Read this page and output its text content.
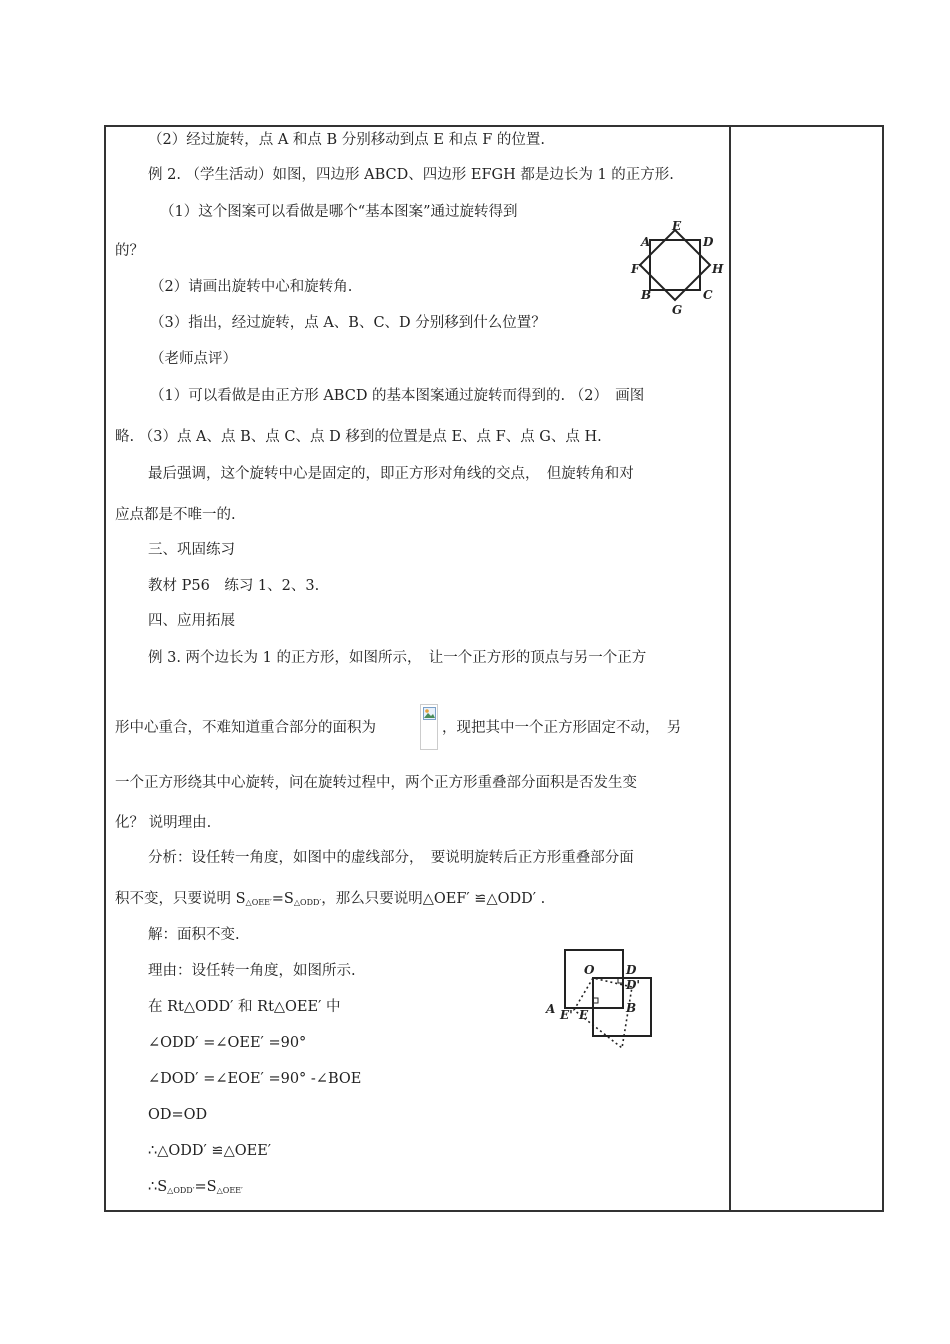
（2）经过旋转，点 A 和点 B 分别移动到点 E 和点 F 的位置.
例 2. （学生活动）如图，四边形 ABCD、四边形 EFGH 都是边长为 1 的正方形.
（1）这个图案可以看做是哪个“基本图案”通过旋转得到
的？
（2）请画出旋转中心和旋转角.
（3）指出，经过旋转，点 A、B、C、D 分别移到什么位置？
（老师点评）
（1）可以看做是由正方形 ABCD 的基本图案通过旋转而得到的. （2）　画图
略. （3）点 A、点 B、点 C、点 D 移到的位置是点 E、点 F、点 G、点 H.
最后强调，这个旋转中心是固定的，即正方形对角线的交点，　但旋转角和对
应点都是不唯一的.
三、巩固练习
教材 P56　练习 1、2、3.
四、应用拓展
例 3. 两个边长为 1 的正方形，如图所示，　让一个正方形的顶点与另一个正方
形中心重合，不难知道重合部分的面积为	，现把其中一个正方形固定不动，　另
一个正方形绕其中心旋转，问在旋转过程中，两个正方形重叠部分面积是否发生变
化？ 说明理由.
分析：设任转一角度，如图中的虚线部分，　要说明旋转后正方形重叠部分面
积不变，只要说明 $S_{\triangle OEE'}=S_{\triangle ODD'}$，那么只要说明△OEF′ ≌△ODD′ .
解：面积不变.
理由：设任转一角度，如图所示.
在 Rt△ODD′ 和 Rt△OEE′ 中
∠ODD′ =∠OEE′ =90°
∠DOD′ =∠EOE′ =90° -∠BOE
OD=OD
∴△ODD′ ≌△OEE′
$\therefore S_{\triangle ODD'}=S_{\triangle OEE'}$
A
E
D
F	H
B	C
G
O	D
D'
A E' E	B
